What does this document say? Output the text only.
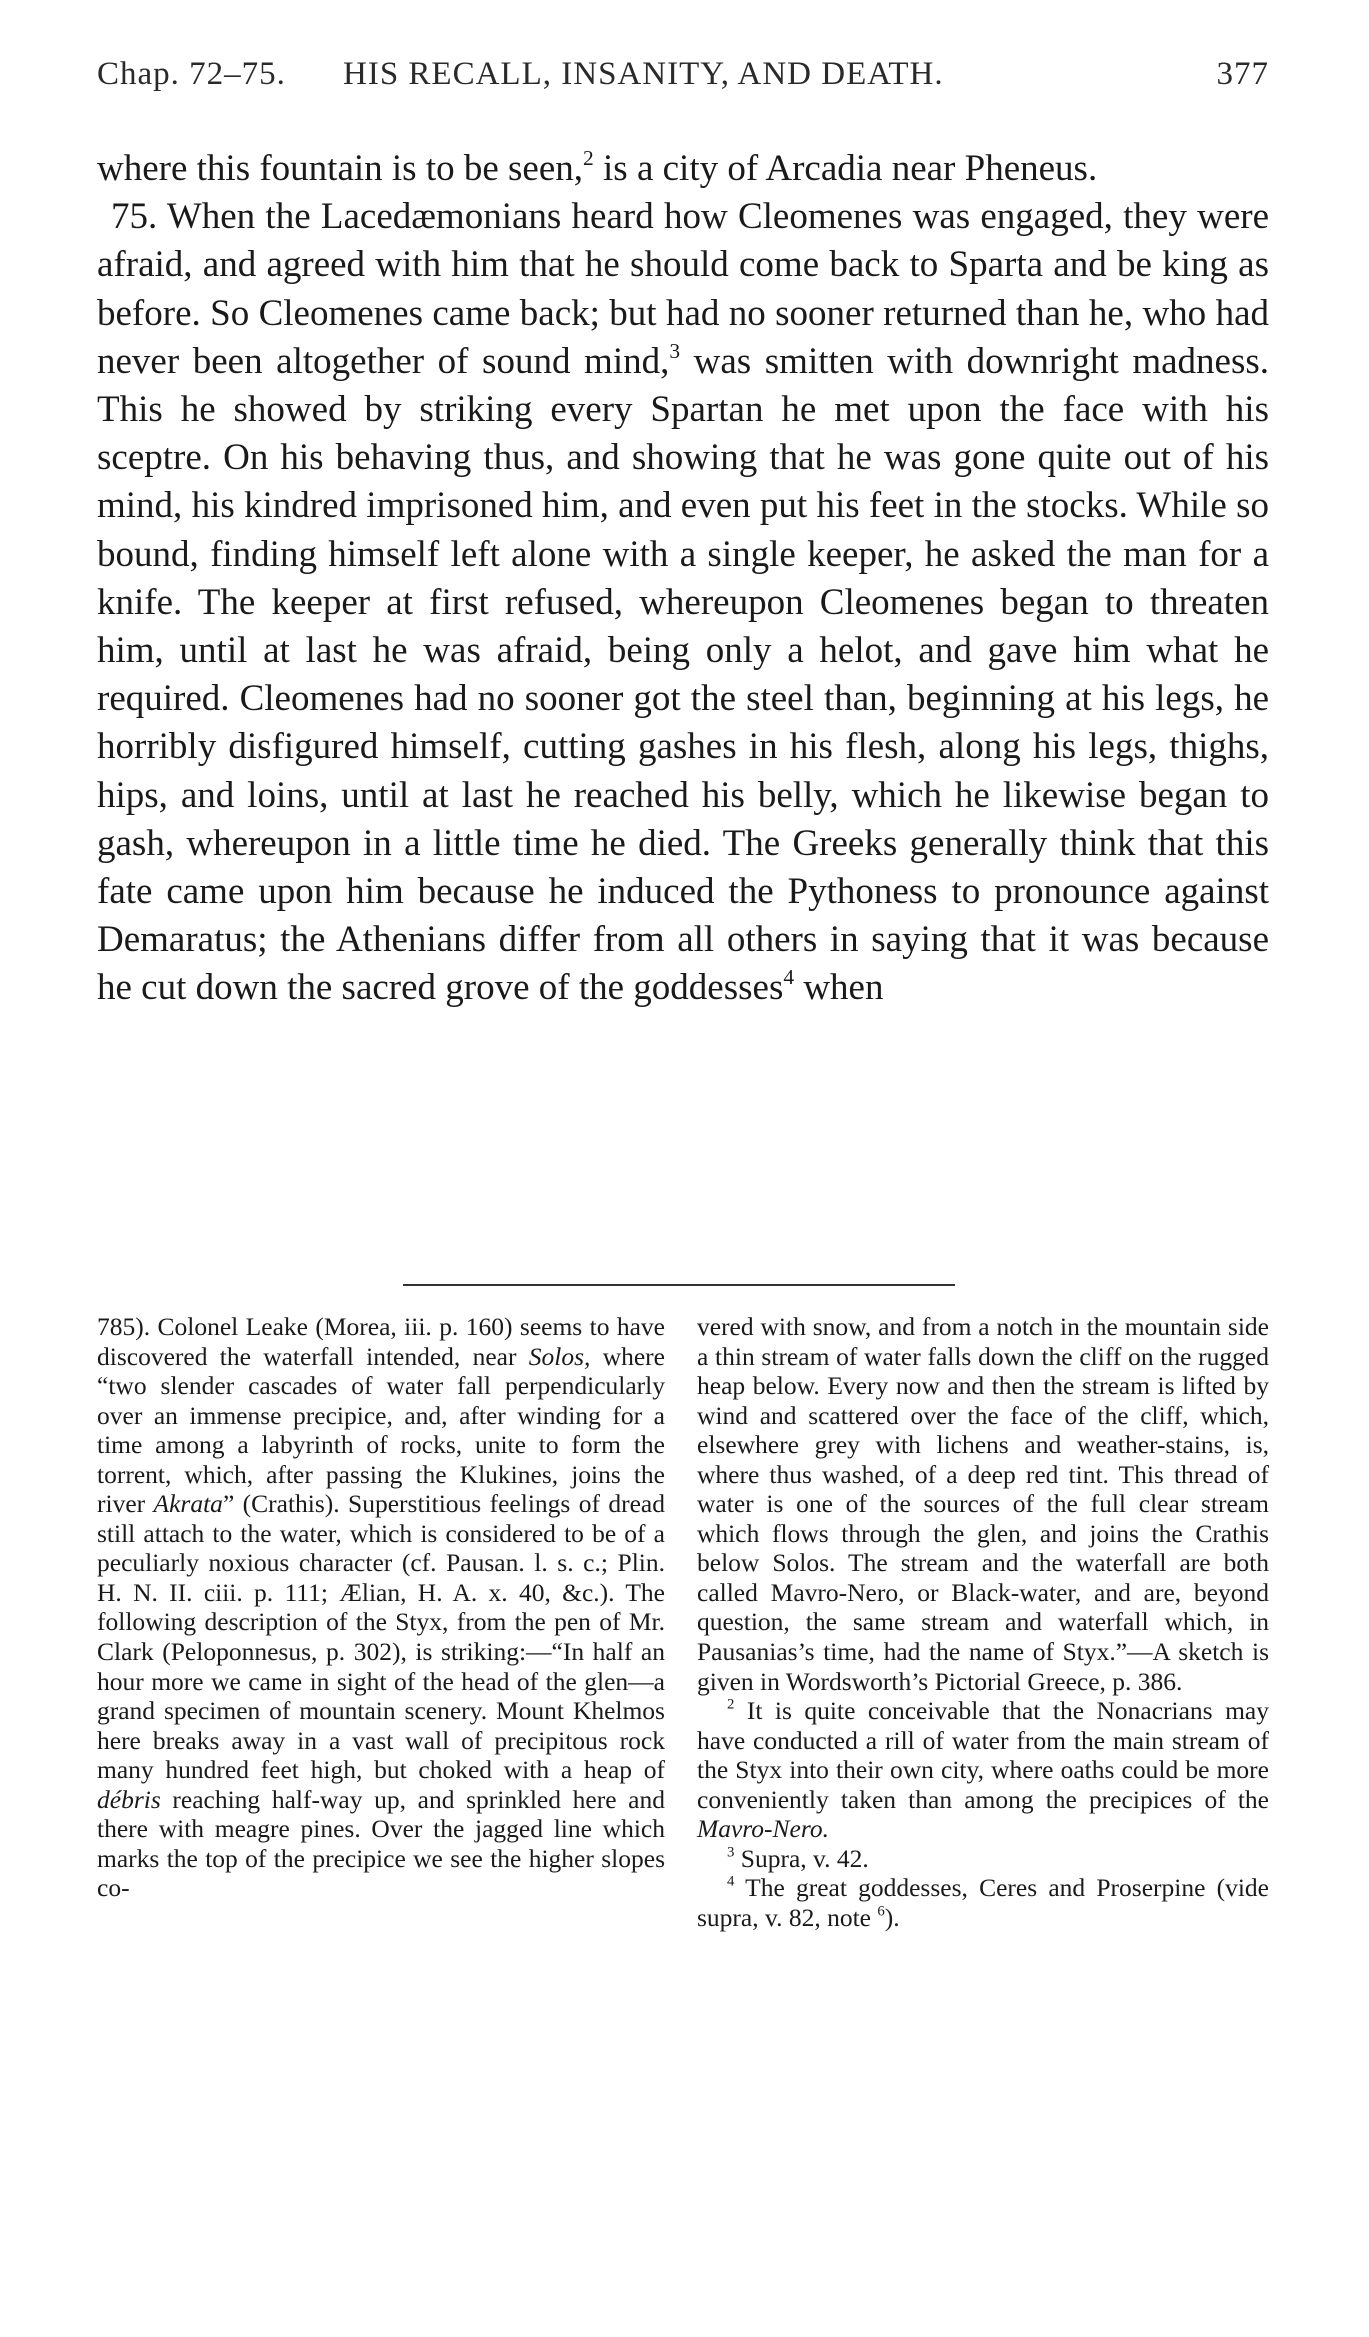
Chap. 72–75. HIS RECALL, INSANITY, AND DEATH.	377

where this fountain is to be seen,$^2$ is a city of Arcadia near Pheneus.

75. When the Lacedæmonians heard how Cleomenes was engaged, they were afraid, and agreed with him that he should come back to Sparta and be king as before. So Cleomenes came back; but had no sooner returned than he, who had never been altogether of sound mind,$^3$ was smitten with downright madness. This he showed by striking every Spartan he met upon the face with his sceptre. On his behaving thus, and showing that he was gone quite out of his mind, his kindred imprisoned him, and even put his feet in the stocks. While so bound, finding himself left alone with a single keeper, he asked the man for a knife. The keeper at first refused, whereupon Cleomenes began to threaten him, until at last he was afraid, being only a helot, and gave him what he required. Cleomenes had no sooner got the steel than, beginning at his legs, he horribly disfigured himself, cutting gashes in his flesh, along his legs, thighs, hips, and loins, until at last he reached his belly, which he likewise began to gash, whereupon in a little time he died. The Greeks generally think that this fate came upon him because he induced the Pythoness to pronounce against Demaratus; the Athenians differ from all others in saying that it was because he cut down the sacred grove of the goddesses$^4$ when

785). Colonel Leake (Morea, iii. p. 160) seems to have discovered the waterfall intended, near Solos, where “two slender cascades of water fall perpendicularly over an immense precipice, and, after winding for a time among a labyrinth of rocks, unite to form the torrent, which, after passing the Klukines, joins the river Akrata” (Crathis). Superstitious feelings of dread still attach to the water, which is considered to be of a peculiarly noxious character (cf. Pausan. l. s. c.; Plin. H. N. II. ciii. p. 111; Ælian, H. A. x. 40, &c.). The following description of the Styx, from the pen of Mr. Clark (Peloponnesus, p. 302), is striking:—“In half an hour more we came in sight of the head of the glen—a grand specimen of mountain scenery. Mount Khelmos here breaks away in a vast wall of precipitous rock many hundred feet high, but choked with a heap of débris reaching half-way up, and sprinkled here and there with meagre pines. Over the jagged line which marks the top of the precipice we see the higher slopes co-

vered with snow, and from a notch in the mountain side a thin stream of water falls down the cliff on the rugged heap below. Every now and then the stream is lifted by wind and scattered over the face of the cliff, which, elsewhere grey with lichens and weather-stains, is, where thus washed, of a deep red tint. This thread of water is one of the sources of the full clear stream which flows through the glen, and joins the Crathis below Solos. The stream and the waterfall are both called Mavro-Nero, or Black-water, and are, beyond question, the same stream and waterfall which, in Pausanias’s time, had the name of Styx.”—A sketch is given in Wordsworth’s Pictorial Greece, p. 386.

$^2$ It is quite conceivable that the Nonacrians may have conducted a rill of water from the main stream of the Styx into their own city, where oaths could be more conveniently taken than among the precipices of the Mavro-Nero.

$^3$ Supra, v. 42.

$^4$ The great goddesses, Ceres and Proserpine (vide supra, v. 82, note $^6$).
